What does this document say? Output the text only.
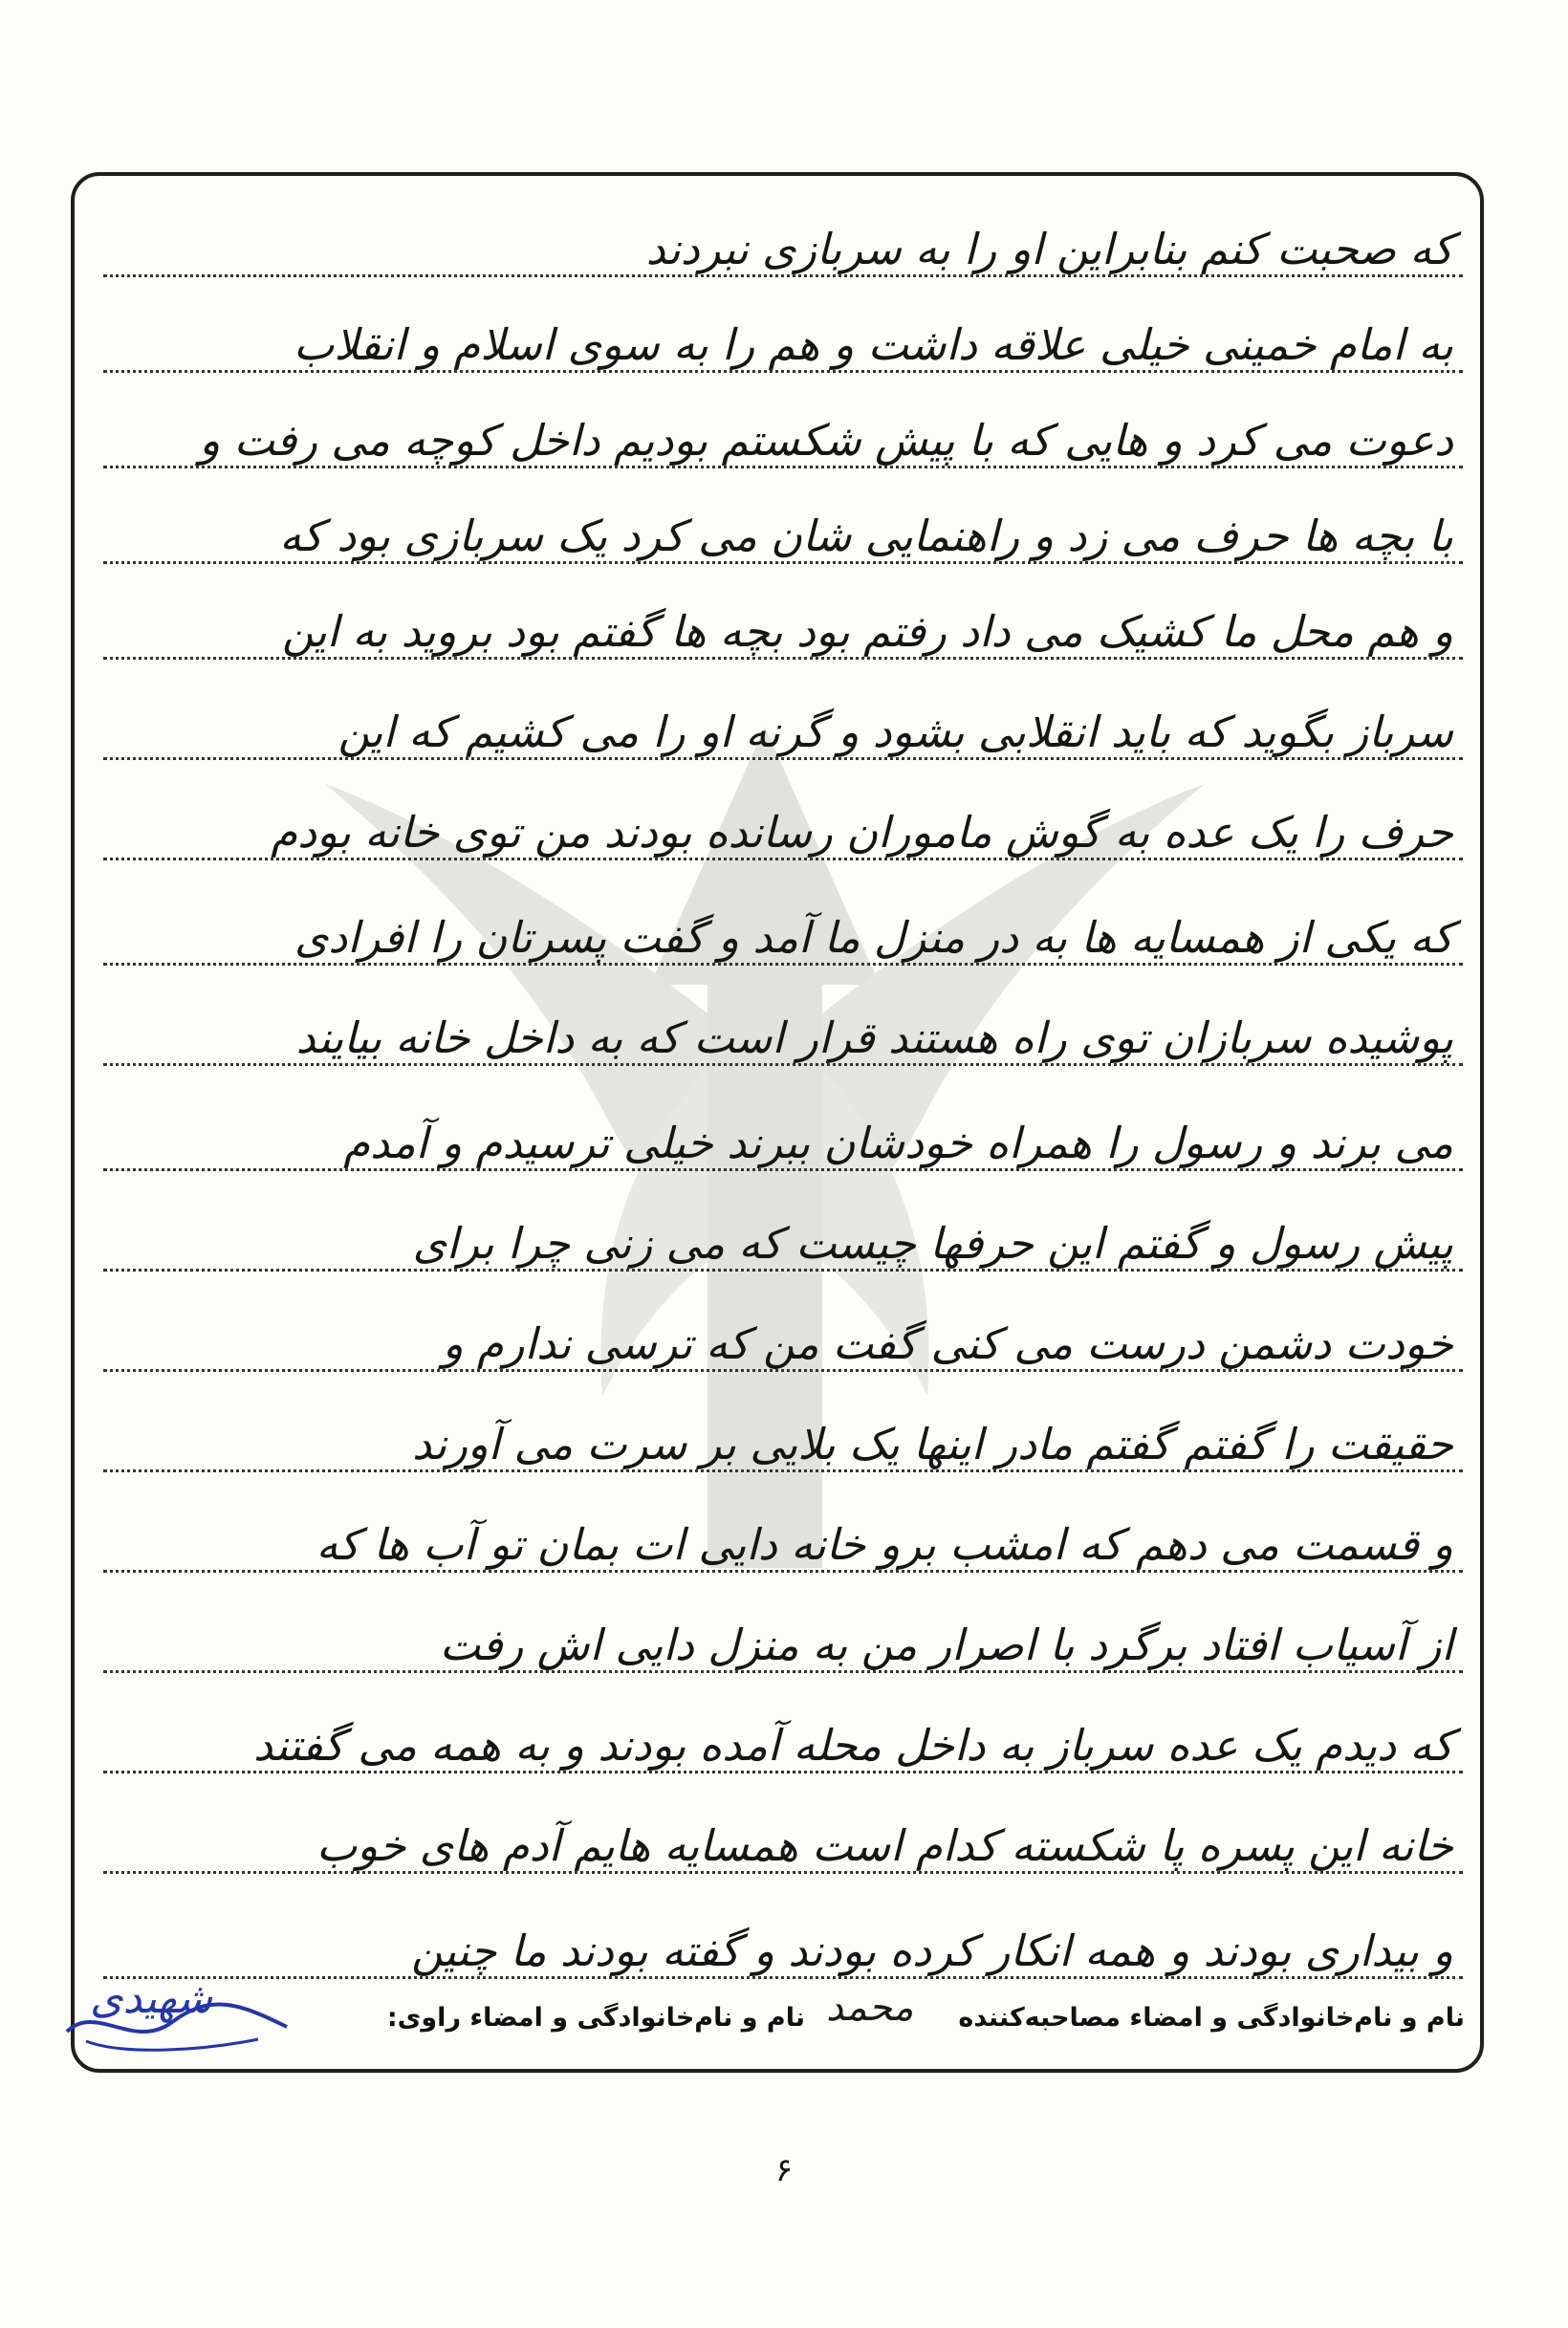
که صحبت کنم بنابراین او را به سربازی نبردند
به امام خمینی خیلی علاقه داشت و هم را به سوی اسلام و انقلاب
دعوت می کرد و هایی که با پیش شکستم بودیم داخل کوچه می رفت و
با بچه ها حرف می زد و راهنمایی شان می کرد یک سربازی بود که
و هم محل ما کشیک می داد رفتم بود بچه ها گفتم بود بروید به این
سرباز بگوید که باید انقلابی بشود و گرنه او را می کشیم که این
حرف را یک عده به گوش ماموران رسانده بودند من توی خانه بودم
که یکی از همسایه ها به در منزل ما آمد و گفت پسرتان را افرادی
پوشیده سربازان توی راه هستند قرار است که به داخل خانه بیایند
می برند و رسول را همراه خودشان ببرند خیلی ترسیدم و آمدم
پیش رسول و گفتم این حرفها چیست که می زنی چرا برای
خودت دشمن درست می کنی گفت من که ترسی ندارم و
حقیقت را گفتم گفتم مادر اینها یک بلایی بر سرت می آورند
و قسمت می دهم که امشب برو خانه دایی ات بمان تو آب ها که
از آسیاب افتاد برگرد با اصرار من به منزل دایی اش رفت
که دیدم یک عده سرباز به داخل محله آمده بودند و به همه می گفتند
خانه این پسره پا شکسته کدام است همسایه هایم آدم های خوب
و بیداری بودند و همه انکار کرده بودند و گفته بودند ما چنین
نام و نام‌خانوادگی و امضاء مصاحبه‌کننده
محمد
نام و نام‌خانوادگی و امضاء راوی:
شهیدی
۶
